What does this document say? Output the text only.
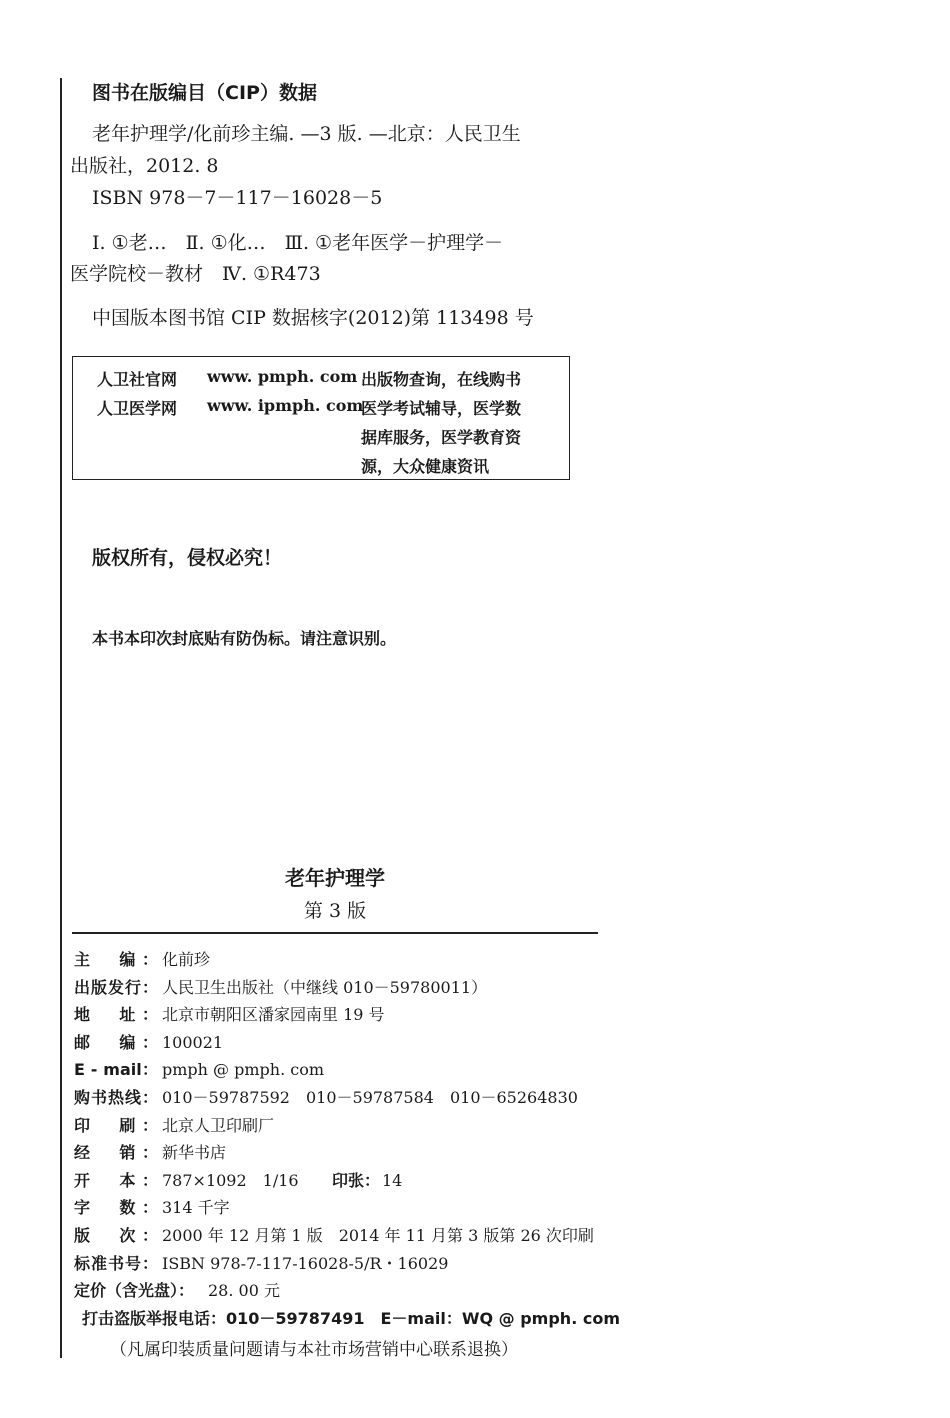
图书在版编目（CIP）数据
老年护理学/化前珍主编. —3 版. —北京：人民卫生
出版社，2012. 8
ISBN 978－7－117－16028－5
Ⅰ. ①老…　Ⅱ. ①化…　Ⅲ. ①老年医学－护理学－
医学院校－教材　Ⅳ. ①R473
中国版本图书馆 CIP 数据核字(2012)第 113498 号
人卫社官网 www. pmph. com
人卫医学网 www. ipmph. com
出版物查询，在线购书
医学考试辅导，医学数
据库服务，医学教育资
源，大众健康资讯
版权所有，侵权必究！
本书本印次封底贴有防伪标。请注意识别。
老年护理学
第 3 版
主　编： 化前珍
出版发行： 人民卫生出版社（中继线 010－59780011）
地　址： 北京市朝阳区潘家园南里 19 号
邮　编： 100021
E - mail： pmph @ pmph. com
购书热线： 010－59787592　010－59787584　010－65264830
印　刷： 北京人卫印刷厂
经　销： 新华书店
开　本： 787×1092　1/16 印张： 14
字　数： 314 千字
版　次： 2000 年 12 月第 1 版　2014 年 11 月第 3 版第 26 次印刷
标准书号： ISBN 978-7-117-16028-5/R・16029
定价（含光盘）： 28. 00 元
打击盗版举报电话：010－59787491　E－mail：WQ @ pmph. com
（凡属印装质量问题请与本社市场营销中心联系退换）
